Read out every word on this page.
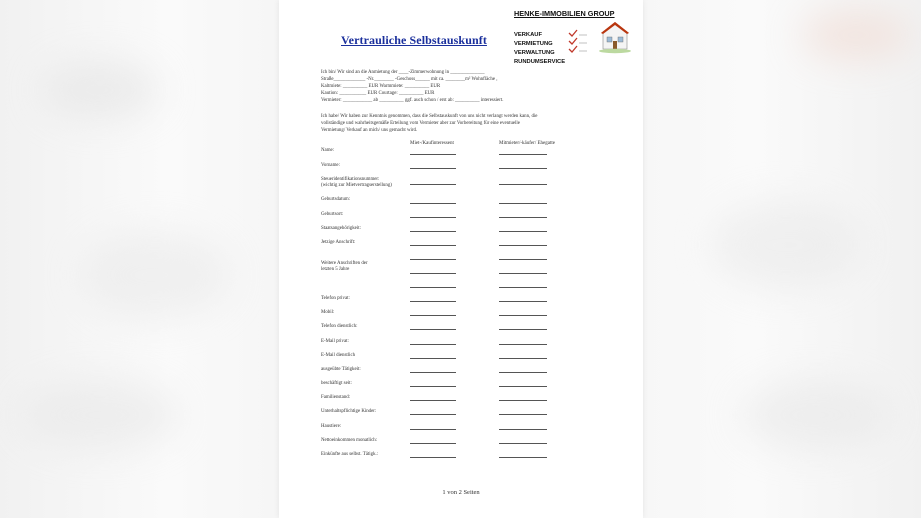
Vertrauliche Selbstauskunft
HENKE-IMMOBILIEN GROUP
VERKAUF
VERMIETUNG
VERWALTUNG
RUNDUMSERVICE
Ich bin/ Wir sind an die Anmietung der ____-Zimmerwohnung in ______________
Straße_____________ -Nr.________ -Geschoss______ mit ca. ________m² Wohnfläche ,
Kaltmiete: __________ EUR Warmmiete: __________ EUR
Kaution: ___________ EUR Courtage: __________ EUR
Vermieter: ____________ ab __________ ggf. auch schon / erst ab: __________ interessiert.
Ich habe/ Wir haben zur Kenntnis genommen, dass die Selbstauskunft von uns nicht verlangt werden kann, die
vollständige und wahrheitsgemäße Erteilung vom Vermieter aber zur Vorbereitung für eine eventuelle
Vermietung/ Verkauf an mich/ uns gemacht wird.
Miet-/Kaufinteressent	Mitmieter/-käufer/ Ehegatte
Name:
Vorname:
Steueridentifikationsnummer:
(wichtig zur Mietvertragserstellung)
Geburtsdatum:
Geburtsort:
Staatsangehörigkeit:
Jetzige Anschrift:
Weitere Anschriften der
letzten 5 Jahre
Telefon privat:
Mobil:
Telefon dienstlich:
E-Mail privat:
E-Mail dienstlich
ausgeübte Tätigkeit:
beschäftigt seit:
Familienstand:
Unterhaltspflichtige Kinder:
Haustiere:
Nettoeinkommen monatlich:
Einkünfte aus selbst. Tätigk.:
1 von 2 Seiten
